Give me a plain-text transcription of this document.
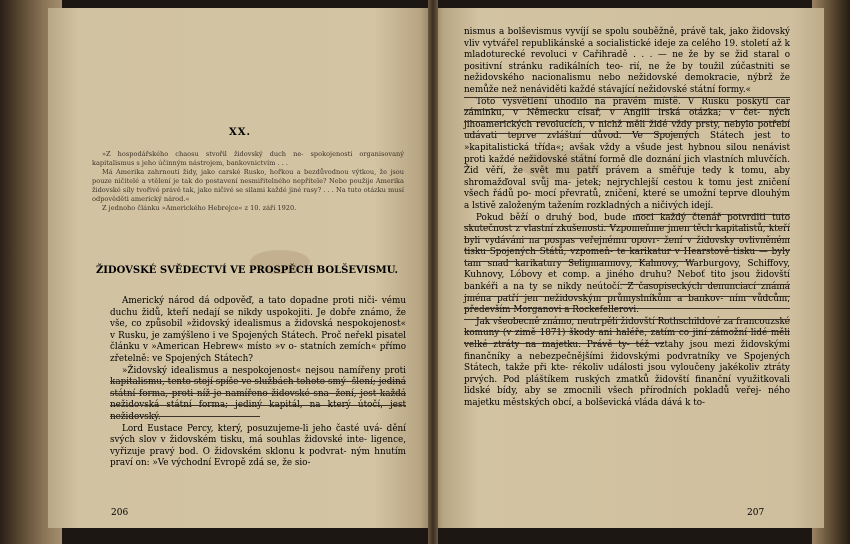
XX.

»Z hospodářského chaosu stvořil židovský duch ne- spokojenosti organisovaný kapitalismus s jeho účinným nástrojem, bankovnictvím . . .

Má Amerika zahrnouti židy, jako carské Rusko, hořkou a bezdůvodnou výtkou, že jsou pouze ničitelé a vtělení je tak do postavení nesmiřitelného nepřítele? Nebo použije Amerika židovské síly tvořivé právě tak, jako ničivé se silami každé jiné rasy? . . . Na tuto otázku musí odpověděti americký národ.«

Z jednoho článku »Amerického Hebrejce« z 10. září 1920.

ŽIDOVSKÉ SVĚDECTVÍ VE PROSPĚCH BOLŠEVISMU.

Americký národ dá odpověď, a tato dopadne proti niči- vému duchu židů, kteří nedají se nikdy uspokojiti. Je dobře známo, že vše, co způsobil »židovský idealismus a židovská nespokojenost« v Rusku, je zamýšleno i ve Spojených Státech. Proč neřekl pisatel článku v »American Hebrew« místo »v o- statních zemích« přímo zřetelně: ve Spojených Státech?

»Židovský idealismus a nespokojenost« nejsou namířeny proti kapitalismu, tento stojí spíše ve službách tohoto smý- šlení; jediná státní forma, proti níž je namířeno židovské sna- žení, jest každá nežidovská státní forma; jediný kapitál, na který útočí, jest nežidovský.

Lord Eustace Percy, který, posuzujeme-li jeho časté uvá- dění svých slov v židovském tisku, má souhlas židovské inte- ligence, vyřizuje pravý bod. O židovském sklonu k podvrat- ným hnutím praví on: »Ve východní Evropě zdá se, že sio-

206

nismus a bolševismus vyvíjí se spolu souběžně, právě tak, jako židovský vliv vytvářel republikánské a socialistické ideje za celého 19. století až k mladoturecké revoluci v Cařihradě . . . — ne že by se žid staral o positivní stránku radikálních teo- rií, ne že by toužil zúčastniti se nežidovského nacionalismu nebo nežidovské demokracie, nýbrž že nemůže než nenáviděti každé stávající nežidovské státní formy.«

Toto vysvětlení uhodilo na pravém místě. V Rusku poskytl car záminku, v Německu císař, v Anglii irská otázka; v čet- ných jihoamerických revolucích, v nichž měli židé vždy prsty, nebylo potřebí udávati teprve zvláštní důvod. Ve Spojených Státech jest to »kapitalistická třída«; avšak vždy a všude jest hybnou silou nenávist proti každé nežidovské státní formě dle doznání jich vlastních mluvčích. Žid věří, že svět mu patří právem a směřuje tedy k tomu, aby shromažďoval svůj ma- jetek; nejrychlejší cestou k tomu jest zničení všech řádů po- mocí převratů, zničení, které se umožní teprve dlouhým a lstivě založeným tažením rozkladných a ničivých idejí.

Pokud běží o druhý bod, bude moci každý čtenář potvrditi tuto skutečnost z vlastní zkušenosti. Vzpomeňme jmen těch kapitalistů, kteří byli vydáváni na pospas veřejnému opovr- žení v židovsky ovlivněném tisku Spojených Států, vzpomeň- te karikatur v Hearstově tisku — byly tam snad karikatury Seligmannovy, Kahnovy, Warburgovy, Schiffovy, Kuhnovy, Lóbovy et comp. a jiného druhu? Neboť tito jsou židovští bankéři a na ty se nikdy neútočí. Z časopiseckých denunciací známá jména patří jen nežidovským průmyslníkům a bankov- ním vůdcům, především Morganovi a Rockefellerovi.

Jak všeobecně známo, neutrpěli židovští Rothschildové za francouzské komuny (v zimě 1871) škody ani haléře, zatím co jiní zámožní lidé měli velké ztráty na majetku. Právě ty- též vztahy jsou mezi židovskými finančníky a nebezpečnějšími židovskými podvratníky ve Spojených Státech, takže při kte- rékoliv události jsou vyloučeny jakékoliv ztráty prvých. Pod pláštíkem ruských zmatků židovští finanční využitkovali lidské bídy, aby se zmocnili všech přírodních pokladů veřej- ného majetku městských obcí, a bolševická vláda dává k to-

207
